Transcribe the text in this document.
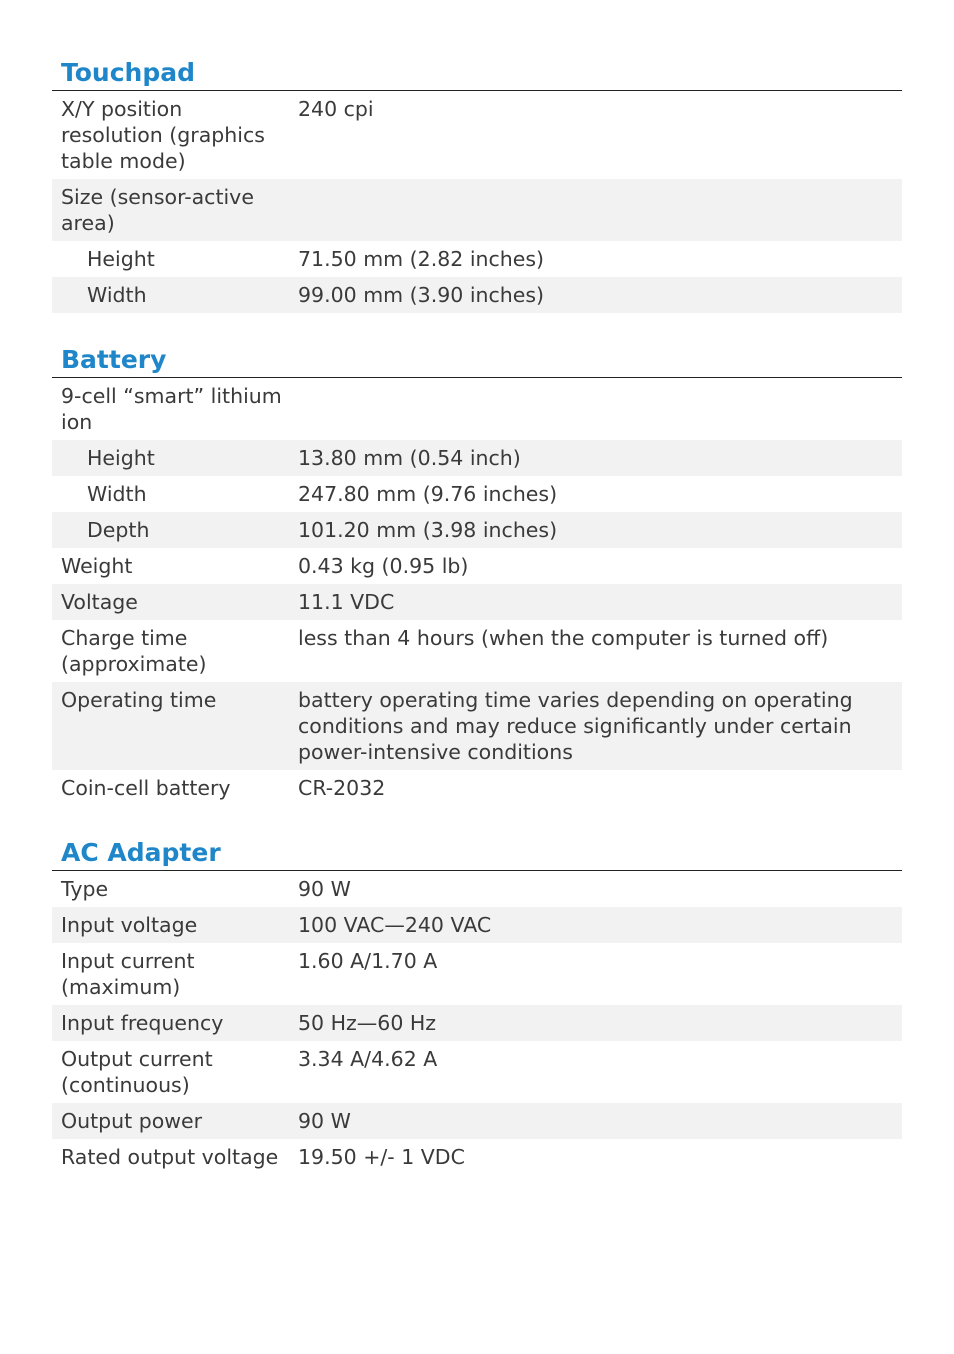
Touchpad
X/Y position resolution (graphics table mode)	240 cpi
Size (sensor-active area)	
Height	71.50 mm (2.82 inches)
Width	99.00 mm (3.90 inches)
Battery
9-cell “smart” lithium ion	
Height	13.80 mm (0.54 inch)
Width	247.80 mm (9.76 inches)
Depth	101.20 mm (3.98 inches)
Weight	0.43 kg (0.95 lb)
Voltage	11.1 VDC
Charge time (approximate)	less than 4 hours (when the computer is turned off)
Operating time	battery operating time varies depending on operating conditions and may reduce significantly under certain power-intensive conditions
Coin-cell battery	CR-2032
AC Adapter
Type	90 W
Input voltage	100 VAC—240 VAC
Input current (maximum)	1.60 A/1.70 A
Input frequency	50 Hz—60 Hz
Output current (continuous)	3.34 A/4.62 A
Output power	90 W
Rated output voltage	19.50 +/- 1 VDC
